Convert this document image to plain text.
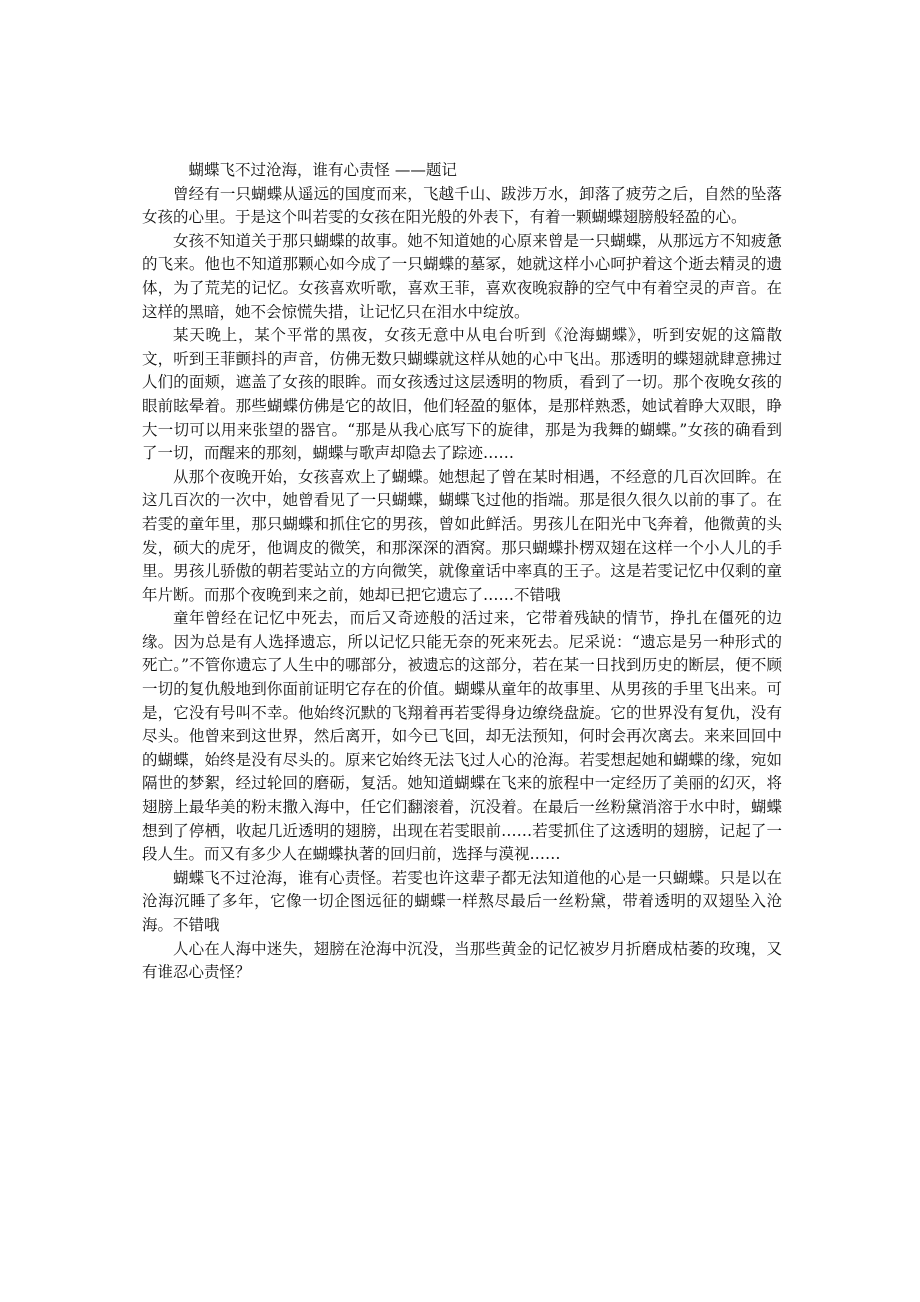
蝴蝶飞不过沧海，谁有心责怪 ——题记

曾经有一只蝴蝶从遥远的国度而来，飞越千山、跋涉万水，卸落了疲劳之后，自然的坠落女孩的心里。于是这个叫若雯的女孩在阳光般的外表下，有着一颗蝴蝶翅膀般轻盈的心。

女孩不知道关于那只蝴蝶的故事。她不知道她的心原来曾是一只蝴蝶，从那远方不知疲惫的飞来。他也不知道那颗心如今成了一只蝴蝶的墓冢，她就这样小心呵护着这个逝去精灵的遗体，为了荒芜的记忆。女孩喜欢听歌，喜欢王菲，喜欢夜晚寂静的空气中有着空灵的声音。在这样的黑暗，她不会惊慌失措，让记忆只在泪水中绽放。

某天晚上，某个平常的黑夜，女孩无意中从电台听到《沧海蝴蝶》，听到安妮的这篇散文，听到王菲颤抖的声音，仿佛无数只蝴蝶就这样从她的心中飞出。那透明的蝶翅就肆意拂过人们的面颊，遮盖了女孩的眼眸。而女孩透过这层透明的物质，看到了一切。那个夜晚女孩的眼前眩晕着。那些蝴蝶仿佛是它的故旧，他们轻盈的躯体，是那样熟悉，她试着睁大双眼，睁大一切可以用来张望的器官。“那是从我心底写下的旋律，那是为我舞的蝴蝶。”女孩的确看到了一切，而醒来的那刻，蝴蝶与歌声却隐去了踪迹……

从那个夜晚开始，女孩喜欢上了蝴蝶。她想起了曾在某时相遇，不经意的几百次回眸。在这几百次的一次中，她曾看见了一只蝴蝶，蝴蝶飞过他的指端。那是很久很久以前的事了。在若雯的童年里，那只蝴蝶和抓住它的男孩，曾如此鲜活。男孩儿在阳光中飞奔着，他微黄的头发，硕大的虎牙，他调皮的微笑，和那深深的酒窝。那只蝴蝶扑楞双翅在这样一个小人儿的手里。男孩儿骄傲的朝若雯站立的方向微笑，就像童话中率真的王子。这是若雯记忆中仅剩的童年片断。而那个夜晚到来之前，她却已把它遗忘了……不错哦

童年曾经在记忆中死去，而后又奇迹般的活过来，它带着残缺的情节，挣扎在僵死的边缘。因为总是有人选择遗忘，所以记忆只能无奈的死来死去。尼采说：“遗忘是另一种形式的死亡。”不管你遗忘了人生中的哪部分，被遗忘的这部分，若在某一日找到历史的断层，便不顾一切的复仇般地到你面前证明它存在的价值。蝴蝶从童年的故事里、从男孩的手里飞出来。可是，它没有号叫不幸。他始终沉默的飞翔着再若雯得身边缭绕盘旋。它的世界没有复仇，没有尽头。他曾来到这世界，然后离开，如今已飞回，却无法预知，何时会再次离去。来来回回中的蝴蝶，始终是没有尽头的。原来它始终无法飞过人心的沧海。若雯想起她和蝴蝶的缘，宛如隔世的梦絮，经过轮回的磨砺，复活。她知道蝴蝶在飞来的旅程中一定经历了美丽的幻灭，将翅膀上最华美的粉末撒入海中，任它们翻滚着，沉没着。在最后一丝粉黛消溶于水中时，蝴蝶想到了停栖，收起几近透明的翅膀，出现在若雯眼前……若雯抓住了这透明的翅膀，记起了一段人生。而又有多少人在蝴蝶执著的回归前，选择与漠视……

蝴蝶飞不过沧海，谁有心责怪。若雯也许这辈子都无法知道他的心是一只蝴蝶。只是以在沧海沉睡了多年，它像一切企图远征的蝴蝶一样熬尽最后一丝粉黛，带着透明的双翅坠入沧海。不错哦

人心在人海中迷失，翅膀在沧海中沉没，当那些黄金的记忆被岁月折磨成枯萎的玫瑰，又有谁忍心责怪？
